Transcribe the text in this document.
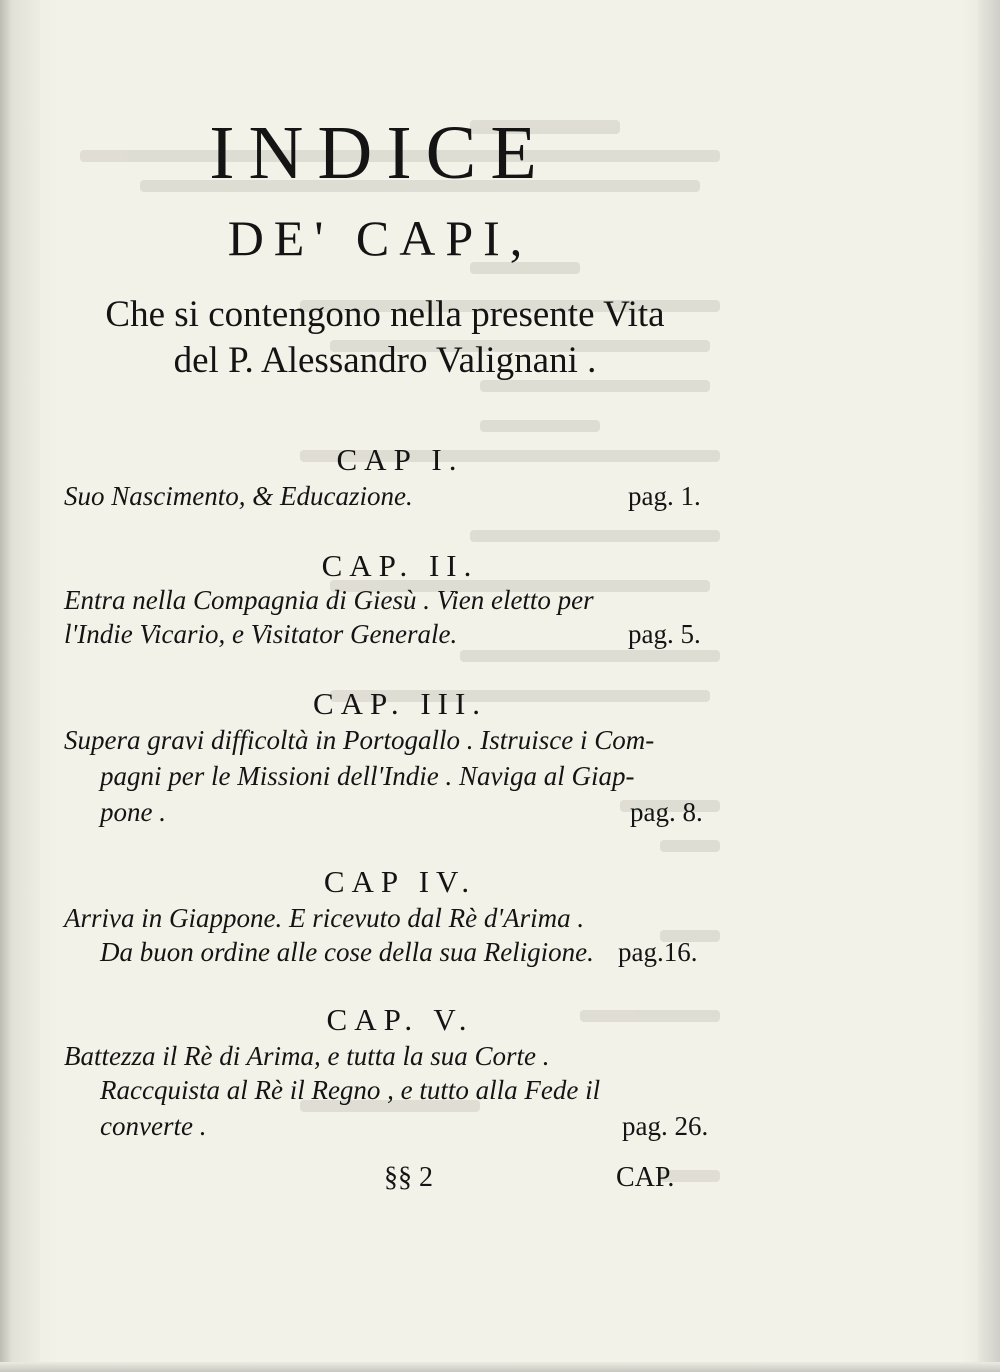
INDICE
DE' CAPI,
Che si contengono nella presente Vita
del P. Alessandro Valignani .
CAP I.
Suo Nascimento, & Educazione.	pag. 1.
CAP. II.
Entra nella Compagnia di Giesù . Vien eletto per
l'Indie Vicario, e Visitator Generale.	pag. 5.
CAP. III.
Supera gravi difficoltà in Portogallo . Istruisce i Com-
pagni per le Missioni dell'Indie . Naviga al Giap-
pone .	pag. 8.
CAP IV.
Arriva in Giappone. E ricevuto dal Rè d'Arima .
Da buon ordine alle cose della sua Religione. pag.16.
CAP. V.
Battezza il Rè di Arima, e tutta la sua Corte .
Raccquista al Rè il Regno , e tutto alla Fede il
converte .	pag. 26.
§§ 2	CAP.
